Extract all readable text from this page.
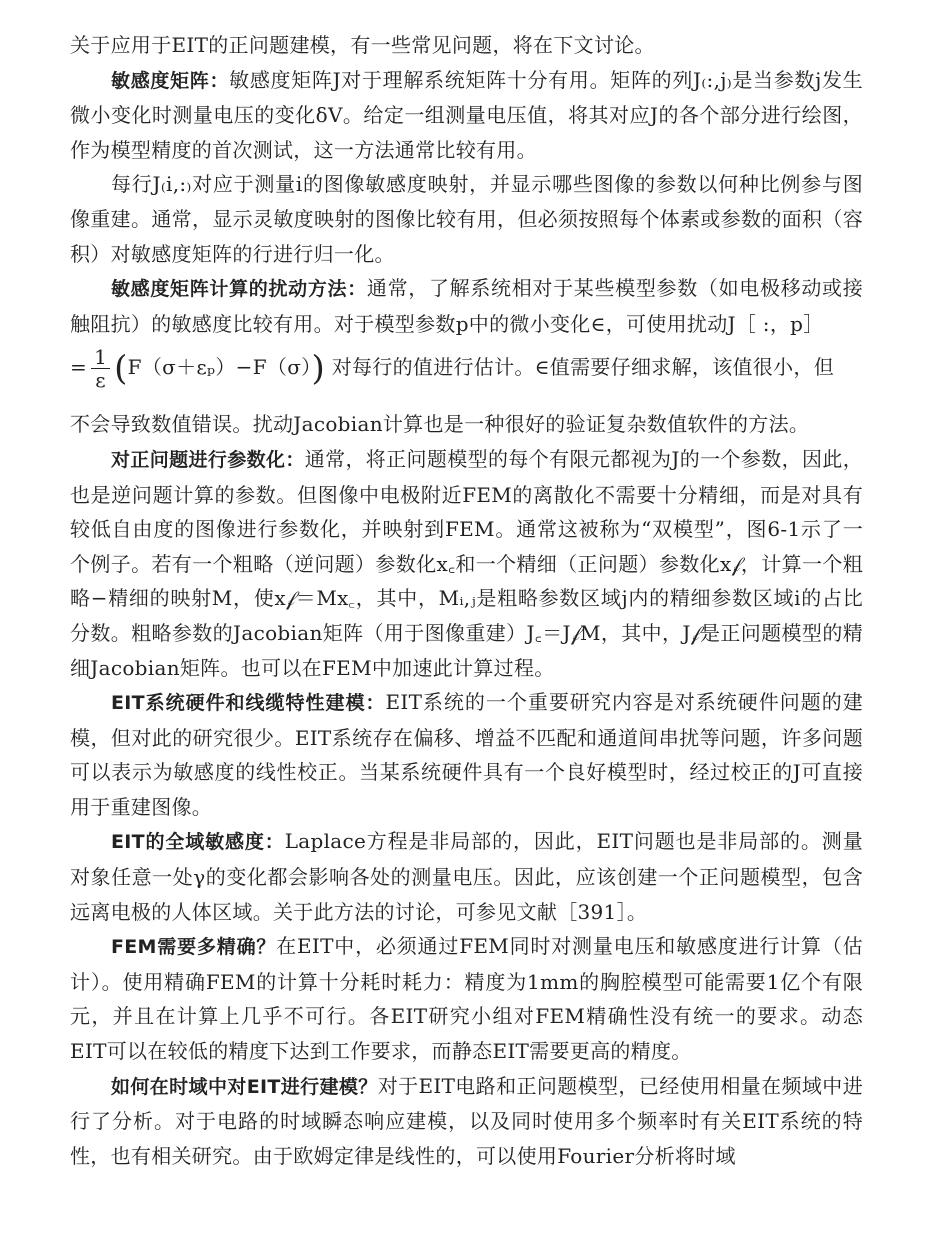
关于应用于EIT的正问题建模，有一些常见问题，将在下文讨论。

敏感度矩阵：敏感度矩阵J对于理解系统矩阵十分有用。矩阵的列J₍:,j₎是当参数j发生微小变化时测量电压的变化δV。给定一组测量电压值，将其对应J的各个部分进行绘图，作为模型精度的首次测试，这一方法通常比较有用。

每行J₍i,:₎对应于测量i的图像敏感度映射，并显示哪些图像的参数以何种比例参与图像重建。通常，显示灵敏度映射的图像比较有用，但必须按照每个体素或参数的面积（容积）对敏感度矩阵的行进行归一化。

敏感度矩阵计算的扰动方法：通常，了解系统相对于某些模型参数（如电极移动或接触阻抗）的敏感度比较有用。对于模型参数p中的微小变化∈，可使用扰动J［ :，p］

= $\frac{1}{\varepsilon} (F(\sigma+\varepsilon_p)-F(\sigma))$ 对每行的值进行估计。∈值需要仔细求解，该值很小，但

不会导致数值错误。扰动Jacobian计算也是一种很好的验证复杂数值软件的方法。

对正问题进行参数化：通常，将正问题模型的每个有限元都视为J的一个参数，因此，也是逆问题计算的参数。但图像中电极附近FEM的离散化不需要十分精细，而是对具有较低自由度的图像进行参数化，并映射到FEM。通常这被称为“双模型”，图6-1示了一个例子。若有一个粗略（逆问题）参数化x꜀和一个精细（正问题）参数化x𝒻，计算一个粗略−精细的映射M，使x𝒻＝Mx꜀，其中，Mᵢ,ⱼ是粗略参数区域j内的精细参数区域i的占比分数。粗略参数的Jacobian矩阵（用于图像重建）J꜀＝J𝒻M，其中，J𝒻是正问题模型的精细Jacobian矩阵。也可以在FEM中加速此计算过程。

EIT系统硬件和线缆特性建模：EIT系统的一个重要研究内容是对系统硬件问题的建模，但对此的研究很少。EIT系统存在偏移、增益不匹配和通道间串扰等问题，许多问题可以表示为敏感度的线性校正。当某系统硬件具有一个良好模型时，经过校正的J可直接用于重建图像。

EIT的全域敏感度：Laplace方程是非局部的，因此，EIT问题也是非局部的。测量对象任意一处γ的变化都会影响各处的测量电压。因此，应该创建一个正问题模型，包含远离电极的人体区域。关于此方法的讨论，可参见文献［391］。

FEM需要多精确？在EIT中，必须通过FEM同时对测量电压和敏感度进行计算（估计）。使用精确FEM的计算十分耗时耗力：精度为1mm的胸腔模型可能需要1亿个有限元，并且在计算上几乎不可行。各EIT研究小组对FEM精确性没有统一的要求。动态EIT可以在较低的精度下达到工作要求，而静态EIT需要更高的精度。

如何在时域中对EIT进行建模？对于EIT电路和正问题模型，已经使用相量在频域中进行了分析。对于电路的时域瞬态响应建模，以及同时使用多个频率时有关EIT系统的特性，也有相关研究。由于欧姆定律是线性的，可以使用Fourier分析将时域
